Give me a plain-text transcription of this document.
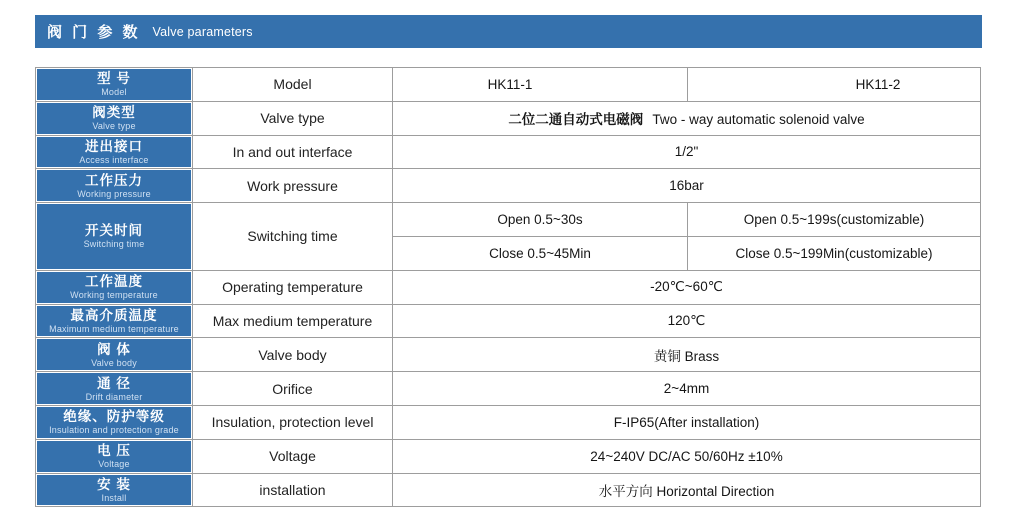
阀 门 参 数 Valve parameters
型 号
Model	Model	HK11-1	HK11-2

阀类型
Valve type	Valve type	二位二通自动式电磁阀 Two - way automatic solenoid valve	

进出接口
Access interface	In and out interface	1/2"	

工作压力
Working pressure	Work pressure	16bar	

开关时间
Switching time	Switching time	Open 0.5~30s	Open 0.5~199s(customizable)
		Close 0.5~45Min	Close 0.5~199Min(customizable)

工作温度
Working temperature	Operating temperature	-20℃~60℃	

最高介质温度
Maximum medium temperature	Max medium temperature	120℃	

阀 体
Valve body	Valve body	黄铜 Brass	

通 径
Drift diameter	Orifice	2~4mm	

绝缘、防护等级
Insulation and protection grade	Insulation, protection level	F-IP65(After installation)	

电 压
Voltage	Voltage	24~240V DC/AC 50/60Hz ±10%	

安 装
Install	installation	水平方向 Horizontal Direction	
